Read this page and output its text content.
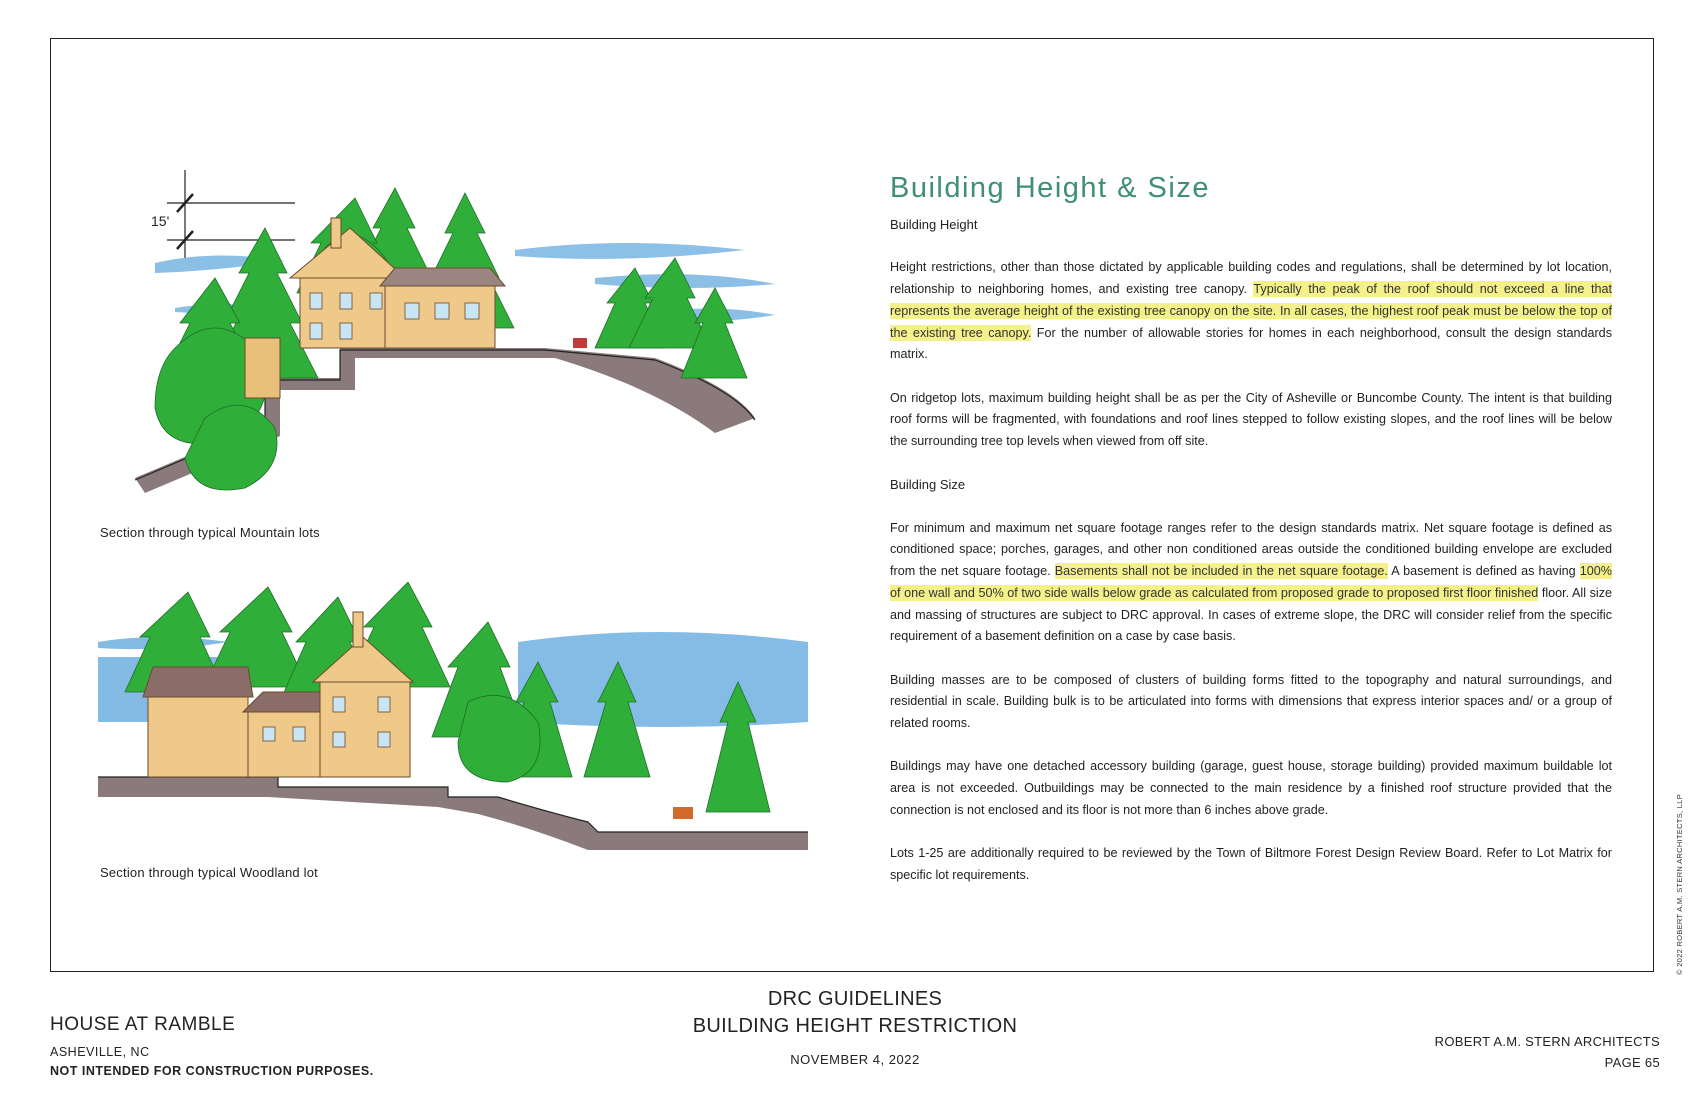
15'
Section through typical Mountain lots
Section through typical Woodland lot
Building Height & Size

Building Height

Height restrictions, other than those dictated by applicable building codes and regulations, shall be determined by lot location, relationship to neighboring homes, and existing tree canopy. Typically the peak of the roof should not exceed a line that represents the average height of the existing tree canopy on the site. In all cases, the highest roof peak must be below the top of the existing tree canopy. For the number of allowable stories for homes in each neighborhood, consult the design standards matrix.

On ridgetop lots, maximum building height shall be as per the City of Asheville or Buncombe County. The intent is that building roof forms will be fragmented, with foundations and roof lines stepped to follow existing slopes, and the roof lines will be below the surrounding tree top levels when viewed from off site.

Building Size

For minimum and maximum net square footage ranges refer to the design standards matrix. Net square footage is defined as conditioned space; porches, garages, and other non conditioned areas outside the conditioned building envelope are excluded from the net square footage. Basements shall not be included in the net square footage. A basement is defined as having 100% of one wall and 50% of two side walls below grade as calculated from proposed grade to proposed first floor finished floor. All size and massing of structures are subject to DRC approval. In cases of extreme slope, the DRC will consider relief from the specific requirement of a basement definition on a case by case basis.

Building masses are to be composed of clusters of building forms fitted to the topography and natural surroundings, and residential in scale. Building bulk is to be articulated into forms with dimensions that express interior spaces and/ or a group of related rooms.

Buildings may have one detached accessory building (garage, guest house, storage building) provided maximum buildable lot area is not exceeded. Outbuildings may be connected to the main residence by a finished roof structure provided that the connection is not enclosed and its floor is not more than 6 inches above grade.

Lots 1-25 are additionally required to be reviewed by the Town of Biltmore Forest Design Review Board. Refer to Lot Matrix for specific lot requirements.	© 2022 ROBERT A.M. STERN ARCHITECTS, LLP
HOUSE AT RAMBLE
ASHEVILLE, NC
NOT INTENDED FOR CONSTRUCTION PURPOSES.
DRC GUIDELINES
BUILDING HEIGHT RESTRICTION
NOVEMBER 4, 2022
ROBERT A.M. STERN ARCHITECTS
PAGE 65
